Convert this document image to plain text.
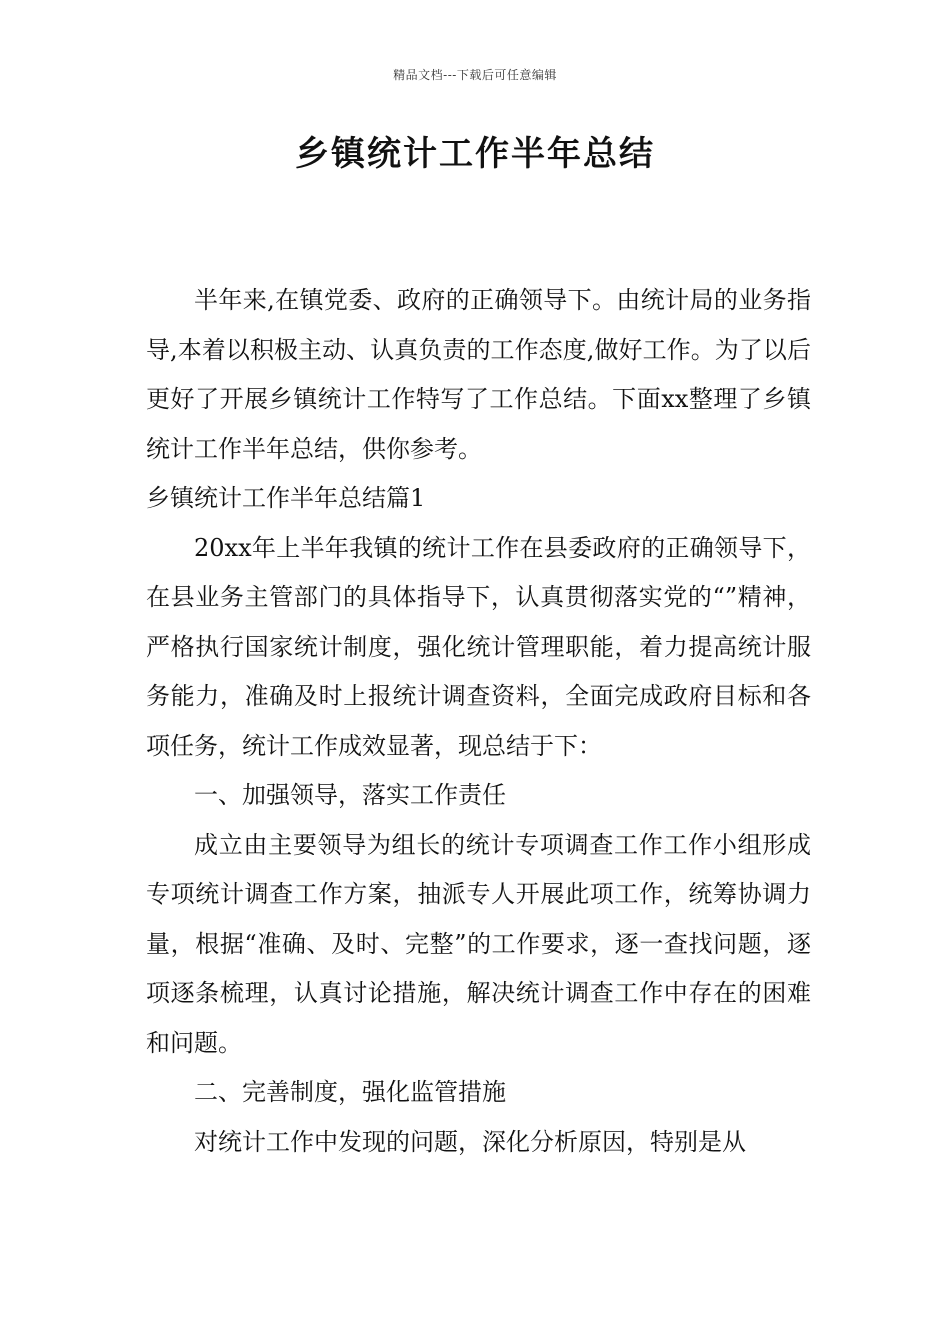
精品文档---下载后可任意编辑
乡镇统计工作半年总结

半年来,在镇党委、政府的正确领导下。由统计局的业务指导,本着以积极主动、认真负责的工作态度,做好工作。为了以后更好了开展乡镇统计工作特写了工作总结。下面xx整理了乡镇统计工作半年总结，供你参考。

乡镇统计工作半年总结篇1

20xx年上半年我镇的统计工作在县委政府的正确领导下，在县业务主管部门的具体指导下，认真贯彻落实党的“”精神，严格执行国家统计制度，强化统计管理职能，着力提高统计服务能力，准确及时上报统计调查资料，全面完成政府目标和各项任务，统计工作成效显著，现总结于下：

一、加强领导，落实工作责任

成立由主要领导为组长的统计专项调查工作工作小组形成专项统计调查工作方案，抽派专人开展此项工作，统筹协调力量，根据“准确、及时、完整”的工作要求，逐一查找问题，逐项逐条梳理，认真讨论措施，解决统计调查工作中存在的困难和问题。

二、完善制度，强化监管措施

对统计工作中发现的问题，深化分析原因，特别是从
